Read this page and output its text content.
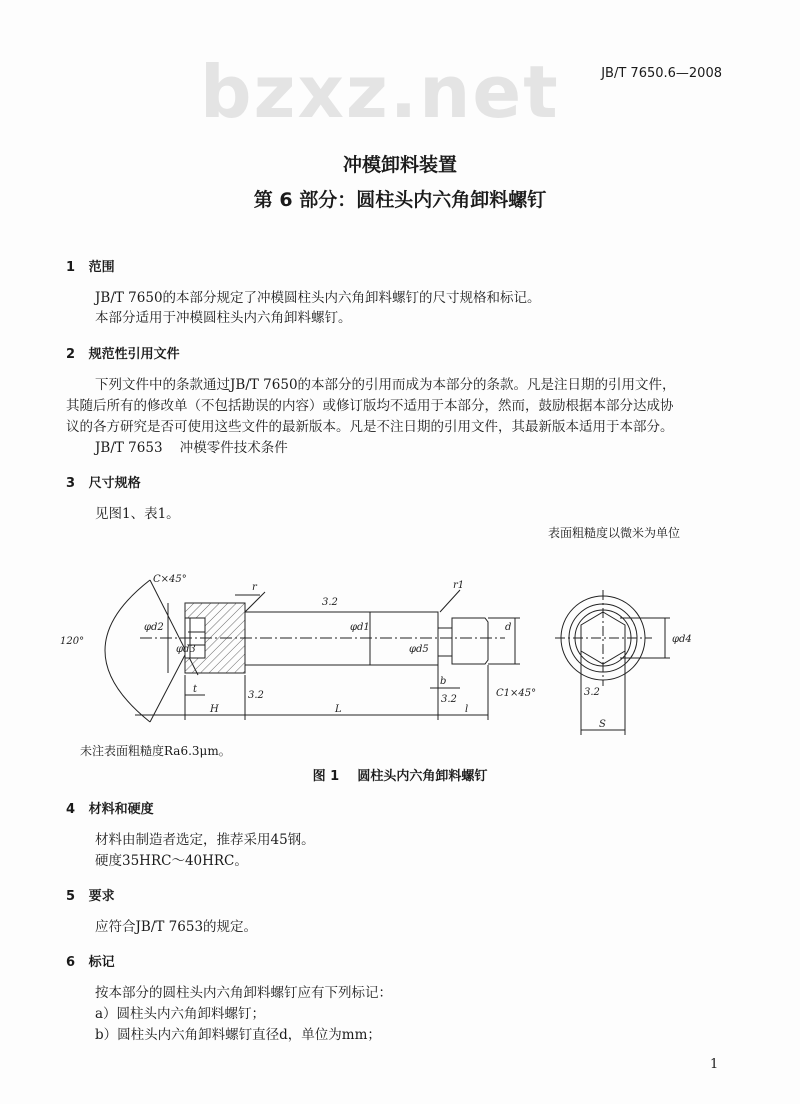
bzxz.net	JB/T 7650.6—2008
冲模卸料装置
第 6 部分：圆柱头内六角卸料螺钉
1 范围
JB/T 7650的本部分规定了冲模圆柱头内六角卸料螺钉的尺寸规格和标记。
本部分适用于冲模圆柱头内六角卸料螺钉。
2 规范性引用文件
下列文件中的条款通过JB/T 7650的本部分的引用而成为本部分的条款。凡是注日期的引用文件，
其随后所有的修改单（不包括勘误的内容）或修订版均不适用于本部分，然而，鼓励根据本部分达成协
议的各方研究是否可使用这些文件的最新版本。凡是不注日期的引用文件，其最新版本适用于本部分。
JB/T 7653    冲模零件技术条件
3 尺寸规格
见图1、表1。
表面粗糙度以微米为单位
C×45°
r	r1
3.2
120°
φd2
φd3
φd1
φd5
d
φd4
t
H	L	l
b
C1×45°
S
3.2	3.2
3.2
未注表面粗糙度Ra6.3μm。
图 1    圆柱头内六角卸料螺钉
4 材料和硬度
材料由制造者选定，推荐采用45钢。
硬度35HRC～40HRC。
5 要求
应符合JB/T 7653的规定。
6 标记
按本部分的圆柱头内六角卸料螺钉应有下列标记：
a）圆柱头内六角卸料螺钉；
b）圆柱头内六角卸料螺钉直径d，单位为mm；
1
